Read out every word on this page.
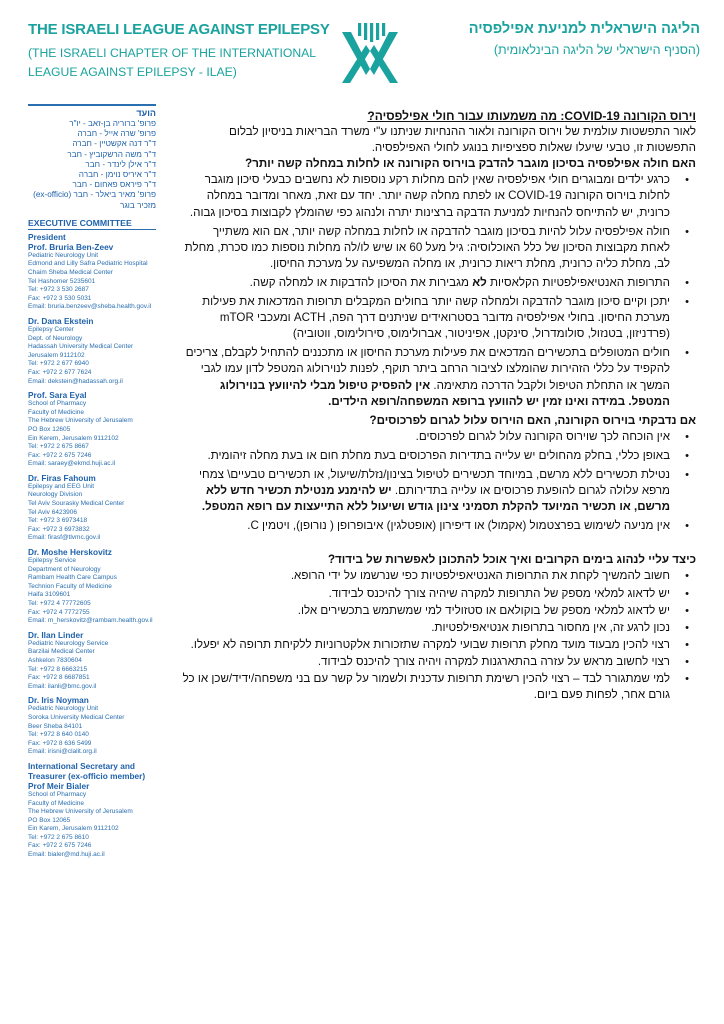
THE ISRAELI LEAGUE AGAINST EPILEPSY
(THE ISRAELI CHAPTER OF THE INTERNATIONAL
LEAGUE AGAINST EPILEPSY - ILAE)
הליגה הישראלית למניעת אפילפסיה
(הסניף הישראלי של הליגה הבינלאומית)
הועד
פרופ' ברוריה בן-זאב - יו"ר
פרופ' שרה אייל - חברה
ד"ר דנה אקשטיין - חברה
ד"ר משה הרשקוביץ - חבר
ד"ר אילן לינדר - חבר
ד"ר איריס נוימן - חברה
ד"ר פיראס פאחום - חבר
פרופ' מאיר ביאלר - חבר (ex-officio)
מזכיר בוגר
EXECUTIVE COMMITTEE
President
Prof. Bruria Ben-Zeev
Pediatric Neurology Unit
Edmond and Lilly Safra Pediatric Hospital
Chaim Sheba Medical Center
Tel Hashomer 5235601
Tel: +972 3 530 2687
Fax: +972 3 530 5031
Email: bruria.benzeev@sheba.health.gov.il
Dr. Dana Ekstein
Epilepsy Center
Dept. of Neurology
Hadassah University Medical Center
Jerusalem 9112102
Tel: +972 2 677 6940
Fax: +972 2 677 7624
Email: dekstein@hadassah.org.il
Prof. Sara Eyal
School of Pharmacy
Faculty of Medicine
The Hebrew University of Jerusalem
PO Box 12605
Ein Kerem, Jerusalem 9112102
Tel: +972 2 675 8667
Fax: +972 2 675 7246
Email: saraey@ekmd.huji.ac.il
Dr. Firas Fahoum
Epilepsy and EEG Unit
Neurology Division
Tel Aviv Sourasky Medical Center
Tel Aviv 6423906
Tel: +972 3 6973418
Fax: +972 3 6973832
Email: firasf@tlvmc.gov.il
Dr. Moshe Herskovitz
Epilepsy Service
Department of Neurology
Rambam Health Care Campus
Technion Faculty of Medicine
Haifa 3109601
Tel: +972 4 77772605
Fax: +972 4 7772755
Email: m_herskovitz@rambam.health.gov.il
Dr. Ilan Linder
Pediatric Neurology Service
Barzilai Medical Center
Ashkelon 7830604
Tel: +972 8 6663215
Fax: +972 8 6687851
Email: ilanli@bmc.gov.il
Dr. Iris Noyman
Pediatric Neurology Unit
Soroka University Medical Center
Beer Sheba 84101
Tel: +972 8 640 0140
Fax: +972 8 636 5499
Email: irisni@clalit.org.il
International Secretary and Treasurer (ex-officio member)
Prof Meir Bialer
School of Pharmacy
Faculty of Medicine
The Hebrew University of Jerusalem
PO Box 12065
Ein Karem, Jerusalem 9112102
Tel: +972 2 675 8610
Fax: +972 2 675 7246
Email: bialer@md.huji.ac.il

וירוס הקורונה COVID-19: מה משמעותו עבור חולי אפילפסיה?

לאור התפשטות עולמית של וירוס הקורונה ולאור ההנחיות שניתנו ע"י משרד הבריאות בניסיון לבלום התפשטות זו, טבעי שיעלו שאלות ספציפיות בנוגע לחולי האפילפסיה.

האם חולה אפילפסיה בסיכון מוגבר להדבק בוירוס הקורונה או לחלות במחלה קשה יותר?

• כרגע ילדים ומבוגרים חולי אפילפסיה שאין להם מחלות רקע נוספות לא נחשבים כבעלי סיכון מוגבר לחלות בוירוס הקורונה COVID-19 או לפתח מחלה קשה יותר. יחד עם זאת, מאחר ומדובר במחלה כרונית, יש להתייחס להנחיות למניעת הדבקה ברצינות יתרה ולנהוג כפי שהומלץ לקבוצות בסיכון גבוה.
• חולה אפילפסיה עלול להיות בסיכון מוגבר להדבקה או לחלות במחלה קשה יותר, אם הוא משתייך לאחת מקבוצות הסיכון של כלל האוכלוסיה: גיל מעל 60 או שיש לו/לה מחלות נוספות כמו סכרת, מחלת לב, מחלת כליה כרונית, מחלת ריאות כרונית, או מחלה המשפיעה על מערכת החיסון.
• התרופות האנטיאפילפטיות הקלאסיות לא מגבירות את הסיכון להדבקות או למחלה קשה.
• יתכן וקיים סיכון מוגבר להדבקה ולמחלה קשה יותר בחולים המקבלים תרופות המדכאות את פעילות מערכת החיסון. בחולי אפילפסיה מדובר בסטרואידים שניתנים דרך הפה, ACTH ומעכבי mTOR (פרדניזון, בטנזול, סולומדרול, סינקטן, אפיניטור, אברולימוס, סירולימוס, ווטוביה)
• חולים המטופלים בתכשירים המדכאים את פעילות מערכת החיסון או מתכננים להתחיל לקבלם, צריכים להקפיד על כללי הזהירות שהומלצו לציבור הרחב ביתר תוקף, לפנות לנוירולוג המטפל לדון עמו לגבי המשך או התחלת הטיפול ולקבל הדרכה מתאימה. אין להפסיק טיפול מבלי להיוועץ בנוירולוג המטפל. במידה ואינו זמין יש להוועץ ברופא המשפחה/רופא הילדים.

אם נדבקתי בוירוס הקורונה, האם הוירוס עלול לגרום לפרכוסים?

• אין הוכחה לכך שוירוס הקורונה עלול לגרום לפרכוסים.
• באופן כללי, בחלק מהחולים יש עלייה בתדירות הפרכוסים בעת מחלת חום או בעת מחלה זיהומית.
• נטילת תכשירים ללא מרשם, במיוחד תכשירים לטיפול בצינון/נזלת/שיעול, או תכשירים טבעיים\ צמחי מרפא עלולה לגרום להופעת פרכוסים או עלייה בתדירותם. יש להימנע מנטילת תכשיר חדש ללא מרשם, או תכשיר המיועד להקלת תסמיני צינון גודש ושיעול ללא התייעצות עם רופא המטפל.
• אין מניעה לשימוש בפרצטמול (אקמול) או דיפירון (אופטלגין) איבופרופן ( נורופן), ויטמין C.

כיצד עליי לנהוג בימים הקרובים ואיך אוכל להתכונן לאפשרות של בידוד?

• חשוב להמשיך לקחת את התרופות האנטיאפילפטיות כפי שנרשמו על ידי הרופא.
• יש לדאוג למלאי מספק של התרופות למקרה שיהיה צורך להיכנס לבידוד.
• יש לדאוג למלאי מספק של בוקולאם או סטזוליד למי שמשתמש בתכשירים אלו.
• נכון לרגע זה, אין מחסור בתרופות אנטיאפילפטיות.
• רצוי להכין מבעוד מועד מחלק תרופות שבועי למקרה שתזכורות אלקטרוניות ללקיחת תרופה לא יפעלו.
• רצוי לחשוב מראש על עזרה בהתארגנות למקרה ויהיה צורך להיכנס לבידוד.
• למי שמתגורר לבד – רצוי להכין רשימת תרופות עדכנית ולשמור על קשר עם בני משפחה/ידיד/שכן או כל גורם אחר, לפחות פעם ביום.
